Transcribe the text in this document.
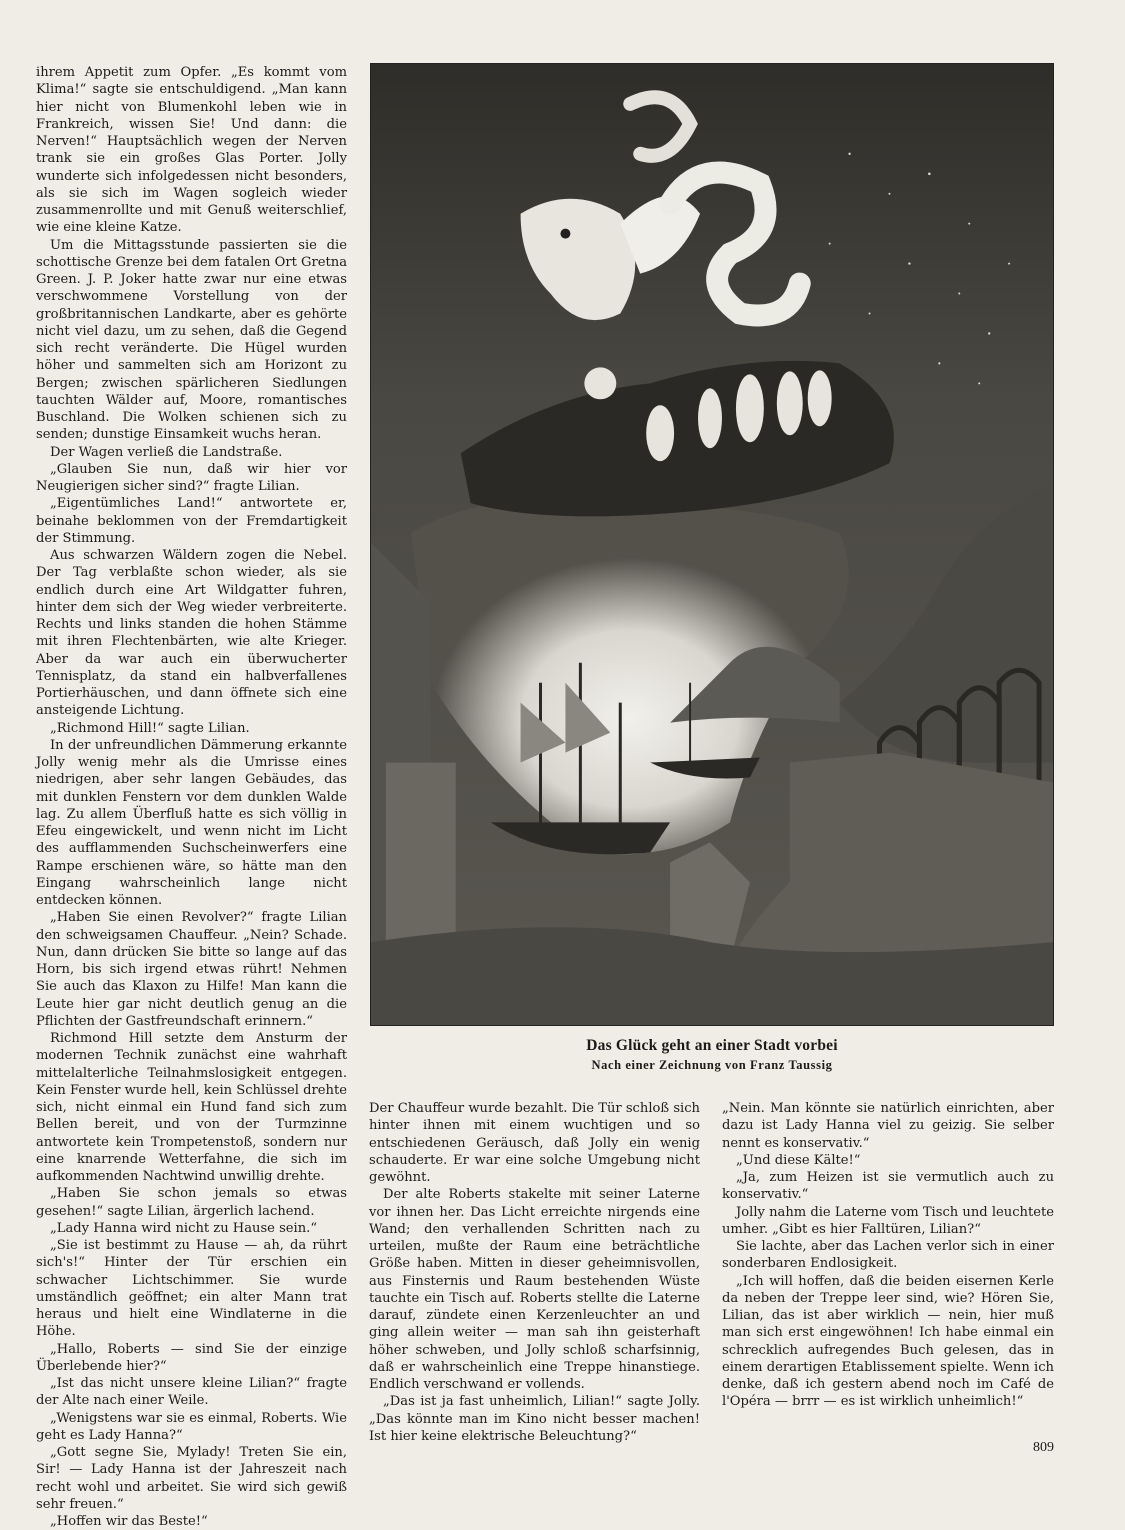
ihrem Appetit zum Opfer. „Es kommt vom Klima!“ sagte sie entschuldigend. „Man kann hier nicht von Blumenkohl leben wie in Frankreich, wissen Sie! Und dann: die Nerven!“ Hauptsächlich wegen der Nerven trank sie ein großes Glas Porter. Jolly wunderte sich infolgedessen nicht besonders, als sie sich im Wagen sogleich wieder zusammenrollte und mit Genuß weiterschlief, wie eine kleine Katze.

Um die Mittagsstunde passierten sie die schottische Grenze bei dem fatalen Ort Gretna Green. J. P. Joker hatte zwar nur eine etwas verschwommene Vorstellung von der großbritannischen Landkarte, aber es gehörte nicht viel dazu, um zu sehen, daß die Gegend sich recht veränderte. Die Hügel wurden höher und sammelten sich am Horizont zu Bergen; zwischen spärlicheren Siedlungen tauchten Wälder auf, Moore, romantisches Buschland. Die Wolken schienen sich zu senden; dunstige Einsamkeit wuchs heran.

Der Wagen verließ die Landstraße.

„Glauben Sie nun, daß wir hier vor Neugierigen sicher sind?“ fragte Lilian.

„Eigentümliches Land!“ antwortete er, beinahe beklommen von der Fremdartigkeit der Stimmung.

Aus schwarzen Wäldern zogen die Nebel. Der Tag verblaßte schon wieder, als sie endlich durch eine Art Wildgatter fuhren, hinter dem sich der Weg wieder verbreiterte. Rechts und links standen die hohen Stämme mit ihren Flechtenbärten, wie alte Krieger. Aber da war auch ein überwucherter Tennisplatz, da stand ein halbverfallenes Portierhäuschen, und dann öffnete sich eine ansteigende Lichtung.

„Richmond Hill!“ sagte Lilian.

In der unfreundlichen Dämmerung erkannte Jolly wenig mehr als die Umrisse eines niedrigen, aber sehr langen Gebäudes, das mit dunklen Fenstern vor dem dunklen Walde lag. Zu allem Überfluß hatte es sich völlig in Efeu eingewickelt, und wenn nicht im Licht des aufflammenden Suchscheinwerfers eine Rampe erschienen wäre, so hätte man den Eingang wahrscheinlich lange nicht entdecken können.

„Haben Sie einen Revolver?“ fragte Lilian den schweigsamen Chauffeur. „Nein? Schade. Nun, dann drücken Sie bitte so lange auf das Horn, bis sich irgend etwas rührt! Nehmen Sie auch das Klaxon zu Hilfe! Man kann die Leute hier gar nicht deutlich genug an die Pflichten der Gastfreundschaft erinnern.“

Richmond Hill setzte dem Ansturm der modernen Technik zunächst eine wahrhaft mittelalterliche Teilnahmslosigkeit entgegen. Kein Fenster wurde hell, kein Schlüssel drehte sich, nicht einmal ein Hund fand sich zum Bellen bereit, und von der Turmzinne antwortete kein Trompetenstoß, sondern nur eine knarrende Wetterfahne, die sich im aufkommenden Nachtwind unwillig drehte.

„Haben Sie schon jemals so etwas gesehen!“ sagte Lilian, ärgerlich lachend.

„Lady Hanna wird nicht zu Hause sein.“

„Sie ist bestimmt zu Hause — ah, da rührt sich's!“ Hinter der Tür erschien ein schwacher Lichtschimmer. Sie wurde umständlich geöffnet; ein alter Mann trat heraus und hielt eine Windlaterne in die Höhe.

„Hallo, Roberts — sind Sie der einzige Überlebende hier?“

„Ist das nicht unsere kleine Lilian?“ fragte der Alte nach einer Weile.

„Wenigstens war sie es einmal, Roberts. Wie geht es Lady Hanna?“

„Gott segne Sie, Mylady! Treten Sie ein, Sir! — Lady Hanna ist der Jahreszeit nach recht wohl und arbeitet. Sie wird sich gewiß sehr freuen.“

„Hoffen wir das Beste!“

Das Glück geht an einer Stadt vorbei
Nach einer Zeichnung von Franz Taussig

Der Chauffeur wurde bezahlt. Die Tür schloß sich hinter ihnen mit einem wuchtigen und so entschiedenen Geräusch, daß Jolly ein wenig schauderte. Er war eine solche Umgebung nicht gewöhnt.

Der alte Roberts stakelte mit seiner Laterne vor ihnen her. Das Licht erreichte nirgends eine Wand; den verhallenden Schritten nach zu urteilen, mußte der Raum eine beträchtliche Größe haben. Mitten in dieser geheimnisvollen, aus Finsternis und Raum bestehenden Wüste tauchte ein Tisch auf. Roberts stellte die Laterne darauf, zündete einen Kerzenleuchter an und ging allein weiter — man sah ihn geisterhaft höher schweben, und Jolly schloß scharfsinnig, daß er wahrscheinlich eine Treppe hinanstiege. Endlich verschwand er vollends.

„Das ist ja fast unheimlich, Lilian!“ sagte Jolly. „Das könnte man im Kino nicht besser machen! Ist hier keine elektrische Beleuchtung?“

„Nein. Man könnte sie natürlich einrichten, aber dazu ist Lady Hanna viel zu geizig. Sie selber nennt es konservativ.“

„Und diese Kälte!“

„Ja, zum Heizen ist sie vermutlich auch zu konservativ.“

Jolly nahm die Laterne vom Tisch und leuchtete umher. „Gibt es hier Falltüren, Lilian?“

Sie lachte, aber das Lachen verlor sich in einer sonderbaren Endlosigkeit.

„Ich will hoffen, daß die beiden eisernen Kerle da neben der Treppe leer sind, wie? Hören Sie, Lilian, das ist aber wirklich — nein, hier muß man sich erst eingewöhnen! Ich habe einmal ein schrecklich aufregendes Buch gelesen, das in einem derartigen Etablissement spielte. Wenn ich denke, daß ich gestern abend noch im Café de l'Opéra — brrr — es ist wirklich unheimlich!“

809
